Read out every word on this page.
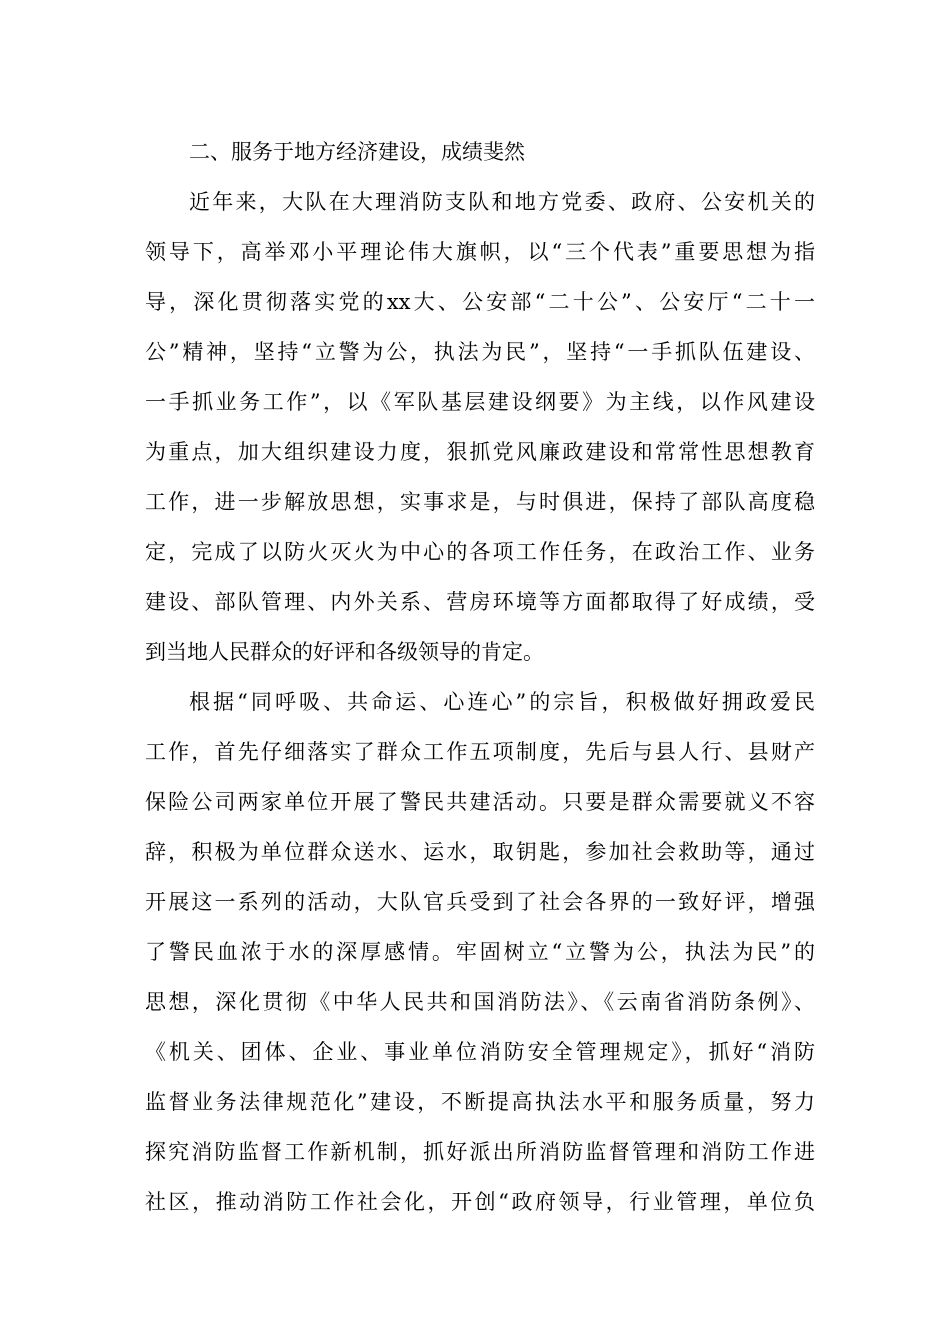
二、服务于地方经济建设，成绩斐然
近年来，大队在大理消防支队和地方党委、政府、公安机关的
领导下，高举邓小平理论伟大旗帜，以“三个代表”重要思想为指
导，深化贯彻落实党的xx大、公安部“二十公”、公安厅“二十一
公”精神，坚持“立警为公，执法为民”，坚持“一手抓队伍建设、
一手抓业务工作”，以《军队基层建设纲要》为主线，以作风建设
为重点，加大组织建设力度，狠抓党风廉政建设和常常性思想教育
工作，进一步解放思想，实事求是，与时俱进，保持了部队高度稳
定，完成了以防火灭火为中心的各项工作任务，在政治工作、业务
建设、部队管理、内外关系、营房环境等方面都取得了好成绩，受
到当地人民群众的好评和各级领导的肯定。
根据“同呼吸、共命运、心连心”的宗旨，积极做好拥政爱民
工作，首先仔细落实了群众工作五项制度，先后与县人行、县财产
保险公司两家单位开展了警民共建活动。只要是群众需要就义不容
辞，积极为单位群众送水、运水，取钥匙，参加社会救助等，通过
开展这一系列的活动，大队官兵受到了社会各界的一致好评，增强
了警民血浓于水的深厚感情。牢固树立“立警为公，执法为民”的
思想，深化贯彻《中华人民共和国消防法》、《云南省消防条例》、
《机关、团体、企业、事业单位消防安全管理规定》，抓好“消防
监督业务法律规范化”建设，不断提高执法水平和服务质量，努力
探究消防监督工作新机制，抓好派出所消防监督管理和消防工作进
社区，推动消防工作社会化，开创“政府领导，行业管理，单位负
